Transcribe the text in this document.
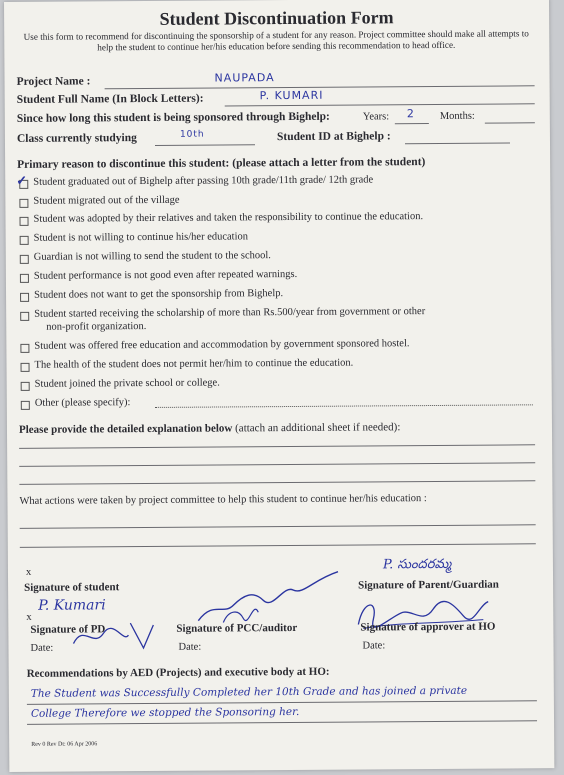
Student Discontinuation Form
Use this form to recommend for discontinuing the sponsorship of a student for any reason. Project committee should make all attempts to help the student to continue her/his education before sending this recommendation to head office.
Project Name :	NAUPADA
Student Full Name (In Block Letters):	P. KUMARI
Since how long this student is being sponsored through Bighelp:	Years: 2 Months:
Class currently studying	10th	Student ID at Bighelp :
Primary reason to discontinue this student: (please attach a letter from the student)
✓ Student graduated out of Bighelp after passing 10th grade/11th grade/ 12th grade
Student migrated out of the village
Student was adopted by their relatives and taken the responsibility to continue the education.
Student is not willing to continue his/her education
Guardian is not willing to send the student to the school.
Student performance is not good even after repeated warnings.
Student does not want to get the sponsorship from Bighelp.
Student started receiving the scholarship of more than Rs.500/year from government or other
non-profit organization.
Student was offered free education and accommodation by government sponsored hostel.
The health of the student does not permit her/him to continue the education.
Student joined the private school or college.
Other (please specify):
Please provide the detailed explanation below (attach an additional sheet if needed):
What actions were taken by project committee to help this student to continue her/his education :
x
Signature of student
P. సుందరమ్మ
Signature of Parent/Guardian
x
P. Kumari
Signature of PD	Signature of PCC/auditor	Signature of approver at HO
Date:	Date:	Date:
Recommendations by AED (Projects) and executive body at HO:
The Student was Successfully Completed her 10th Grade and has joined a private
College Therefore we stopped the Sponsoring her.
Rev 0 Rev Dt: 06 Apr 2006
